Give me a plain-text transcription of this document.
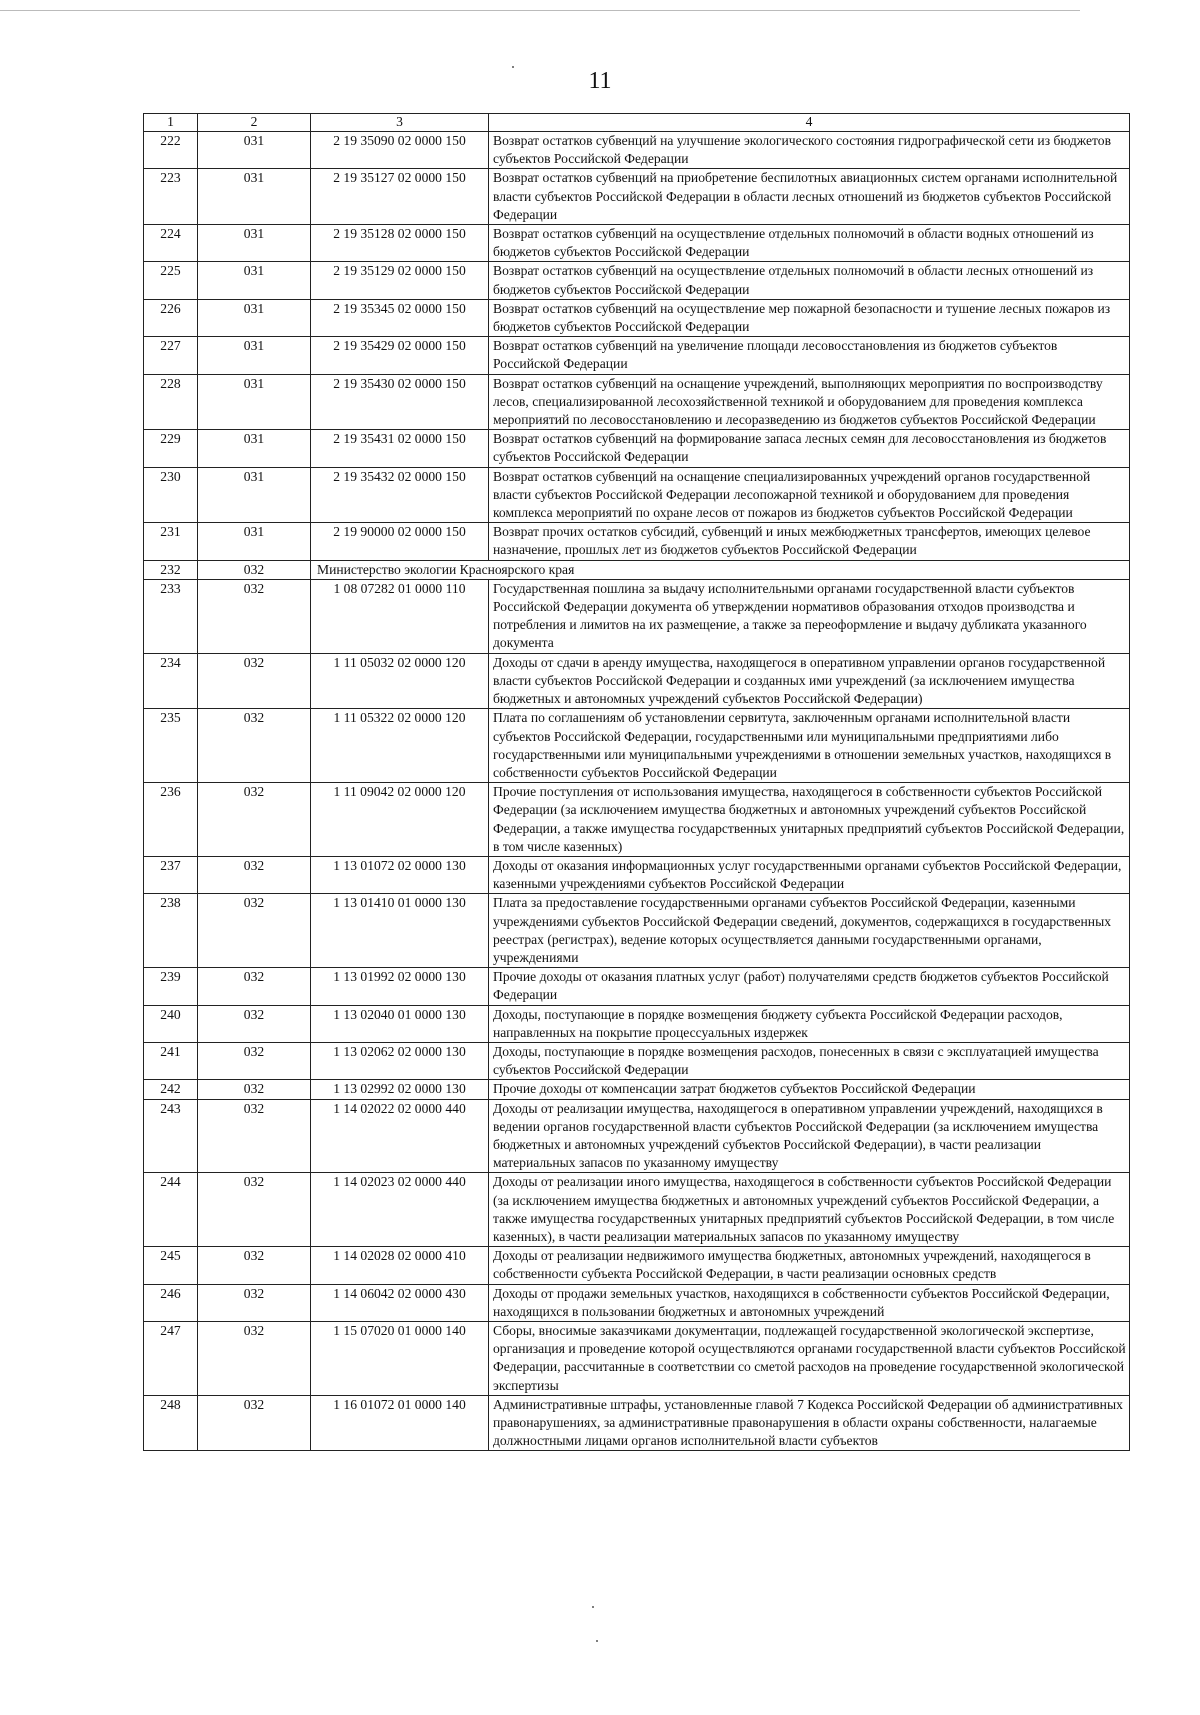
11
1	2	3	4
222	031	2 19 35090 02 0000 150	Возврат остатков субвенций на улучшение экологического состояния гидрографической сети из бюджетов субъектов Российской Федерации
223	031	2 19 35127 02 0000 150	Возврат остатков субвенций на приобретение беспилотных авиационных систем органами исполнительной власти субъектов Российской Федерации в области лесных отношений из бюджетов субъектов Российской Федерации
224	031	2 19 35128 02 0000 150	Возврат остатков субвенций на осуществление отдельных полномочий в области водных отношений из бюджетов субъектов Российской Федерации
225	031	2 19 35129 02 0000 150	Возврат остатков субвенций на осуществление отдельных полномочий в области лесных отношений из бюджетов субъектов Российской Федерации
226	031	2 19 35345 02 0000 150	Возврат остатков субвенций на осуществление мер пожарной безопасности и тушение лесных пожаров из бюджетов субъектов Российской Федерации
227	031	2 19 35429 02 0000 150	Возврат остатков субвенций на увеличение площади лесовосстановления из бюджетов субъектов Российской Федерации
228	031	2 19 35430 02 0000 150	Возврат остатков субвенций на оснащение учреждений, выполняющих мероприятия по воспроизводству лесов, специализированной лесохозяйственной техникой и оборудованием для проведения комплекса мероприятий по лесовосстановлению и лесоразведению из бюджетов субъектов Российской Федерации
229	031	2 19 35431 02 0000 150	Возврат остатков субвенций на формирование запаса лесных семян для лесовосстановления из бюджетов субъектов Российской Федерации
230	031	2 19 35432 02 0000 150	Возврат остатков субвенций на оснащение специализированных учреждений органов государственной власти субъектов Российской Федерации лесопожарной техникой и оборудованием для проведения комплекса мероприятий по охране лесов от пожаров из бюджетов субъектов Российской Федерации
231	031	2 19 90000 02 0000 150	Возврат прочих остатков субсидий, субвенций и иных межбюджетных трансфертов, имеющих целевое назначение, прошлых лет из бюджетов субъектов Российской Федерации
232	032	Министерство экологии Красноярского края	
233	032	1 08 07282 01 0000 110	Государственная пошлина за выдачу исполнительными органами государственной власти субъектов Российской Федерации документа об утверждении нормативов образования отходов производства и потребления и лимитов на их размещение, а также за переоформление и выдачу дубликата указанного документа
234	032	1 11 05032 02 0000 120	Доходы от сдачи в аренду имущества, находящегося в оперативном управлении органов государственной власти субъектов Российской Федерации и созданных ими учреждений (за исключением имущества бюджетных и автономных учреждений субъектов Российской Федерации)
235	032	1 11 05322 02 0000 120	Плата по соглашениям об установлении сервитута, заключенным органами исполнительной власти субъектов Российской Федерации, государственными или муниципальными предприятиями либо государственными или муниципальными учреждениями в отношении земельных участков, находящихся в собственности субъектов Российской Федерации
236	032	1 11 09042 02 0000 120	Прочие поступления от использования имущества, находящегося в собственности субъектов Российской Федерации (за исключением имущества бюджетных и автономных учреждений субъектов Российской Федерации, а также имущества государственных унитарных предприятий субъектов Российской Федерации, в том числе казенных)
237	032	1 13 01072 02 0000 130	Доходы от оказания информационных услуг государственными органами субъектов Российской Федерации, казенными учреждениями субъектов Российской Федерации
238	032	1 13 01410 01 0000 130	Плата за предоставление государственными органами субъектов Российской Федерации, казенными учреждениями субъектов Российской Федерации сведений, документов, содержащихся в государственных реестрах (регистрах), ведение которых осуществляется данными государственными органами, учреждениями
239	032	1 13 01992 02 0000 130	Прочие доходы от оказания платных услуг (работ) получателями средств бюджетов субъектов Российской Федерации
240	032	1 13 02040 01 0000 130	Доходы, поступающие в порядке возмещения бюджету субъекта Российской Федерации расходов, направленных на покрытие процессуальных издержек
241	032	1 13 02062 02 0000 130	Доходы, поступающие в порядке возмещения расходов, понесенных в связи с эксплуатацией имущества субъектов Российской Федерации
242	032	1 13 02992 02 0000 130	Прочие доходы от компенсации затрат бюджетов субъектов Российской Федерации
243	032	1 14 02022 02 0000 440	Доходы от реализации имущества, находящегося в оперативном управлении учреждений, находящихся в ведении органов государственной власти субъектов Российской Федерации (за исключением имущества бюджетных и автономных учреждений субъектов Российской Федерации), в части реализации материальных запасов по указанному имуществу
244	032	1 14 02023 02 0000 440	Доходы от реализации иного имущества, находящегося в собственности субъектов Российской Федерации (за исключением имущества бюджетных и автономных учреждений субъектов Российской Федерации, а также имущества государственных унитарных предприятий субъектов Российской Федерации, в том числе казенных), в части реализации материальных запасов по указанному имуществу
245	032	1 14 02028 02 0000 410	Доходы от реализации недвижимого имущества бюджетных, автономных учреждений, находящегося в собственности субъекта Российской Федерации, в части реализации основных средств
246	032	1 14 06042 02 0000 430	Доходы от продажи земельных участков, находящихся в собственности субъектов Российской Федерации, находящихся в пользовании бюджетных и автономных учреждений
247	032	1 15 07020 01 0000 140	Сборы, вносимые заказчиками документации, подлежащей государственной экологической экспертизе, организация и проведение которой осуществляются органами государственной власти субъектов Российской Федерации, рассчитанные в соответствии со сметой расходов на проведение государственной экологической экспертизы
248	032	1 16 01072 01 0000 140	Административные штрафы, установленные главой 7 Кодекса Российской Федерации об административных правонарушениях, за административные правонарушения в области охраны собственности, налагаемые должностными лицами органов исполнительной власти субъектов
